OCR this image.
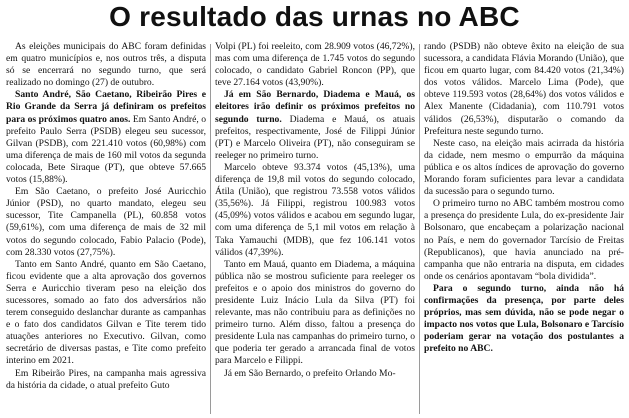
O resultado das urnas no ABC

As eleições municipais do ABC foram definidas em quatro municípios e, nos outros três, a disputa só se encerrará no segundo turno, que será realizado no domingo (27) de outubro.

Santo André, São Caetano, Ribeirão Pires e Rio Grande da Serra já definiram os prefeitos para os próximos quatro anos. Em Santo André, o prefeito Paulo Serra (PSDB) elegeu seu sucessor, Gilvan (PSDB), com 221.410 votos (60,98%) com uma diferença de mais de 160 mil votos da segunda colocada, Bete Siraque (PT), que obteve 57.665 votos (15,88%).

Em São Caetano, o prefeito José Auricchio Júnior (PSD), no quarto mandato, elegeu seu sucessor, Tite Campanella (PL), 60.858 votos (59,61%), com uma diferença de mais de 32 mil votos do segundo colocado, Fabio Palacio (Pode), com 28.330 votos (27,75%).

Tanto em Santo André, quanto em São Caetano, ficou evidente que a alta aprovação dos governos Serra e Auricchio tiveram peso na eleição dos sucessores, somado ao fato dos adversários não terem conseguido deslanchar durante as campanhas e o fato dos candidatos Gilvan e Tite terem tido atuações anteriores no Executivo. Gilvan, como secretário de diversas pastas, e Tite como prefeito interino em 2021.

Em Ribeirão Pires, na campanha mais agressiva da história da cidade, o atual prefeito Guto

Volpi (PL) foi reeleito, com 28.909 votos (46,72%), mas com uma diferença de 1.745 votos do segundo colocado, o candidato Gabriel Roncon (PP), que teve 27.164 votos (43,90%).

Já em São Bernardo, Diadema e Mauá, os eleitores irão definir os próximos prefeitos no segundo turno. Diadema e Mauá, os atuais prefeitos, respectivamente, José de Filippi Júnior (PT) e Marcelo Oliveira (PT), não conseguiram se reeleger no primeiro turno.

Marcelo obteve 93.374 votos (45,13%), uma diferença de 19,8 mil votos do segundo colocado, Átila (União), que registrou 73.558 votos válidos (35,56%). Já Filippi, registrou 100.983 votos (45,09%) votos válidos e acabou em segundo lugar, com uma diferença de 5,1 mil votos em relação à Taka Yamauchi (MDB), que fez 106.141 votos válidos (47,39%).

Tanto em Mauá, quanto em Diadema, a máquina pública não se mostrou suficiente para reeleger os prefeitos e o apoio dos ministros do governo do presidente Luiz Inácio Lula da Silva (PT) foi relevante, mas não contribuiu para as definições no primeiro turno. Além disso, faltou a presença do presidente Lula nas campanhas do primeiro turno, o que poderia ter gerado a arrancada final de votos para Marcelo e Filippi.

Já em São Bernardo, o prefeito Orlando Mo-

rando (PSDB) não obteve êxito na eleição de sua sucessora, a candidata Flávia Morando (União), que ficou em quarto lugar, com 84.420 votos (21,34%) dos votos válidos. Marcelo Lima (Pode), que obteve 119.593 votos (28,64%) dos votos válidos e Alex Manente (Cidadania), com 110.791 votos válidos (26,53%), disputarão o comando da Prefeitura neste segundo turno.

Neste caso, na eleição mais acirrada da história da cidade, nem mesmo o empurrão da máquina pública e os altos índices de aprovação do governo Morando foram suficientes para levar a candidata da sucessão para o segundo turno.

O primeiro turno no ABC também mostrou como a presença do presidente Lula, do ex-presidente Jair Bolsonaro, que encabeçam a polarização nacional no País, e nem do governador Tarcísio de Freitas (Republicanos), que havia anunciado na pré-campanha que não entraria na disputa, em cidades onde os cenários apontavam “bola dividida”.

Para o segundo turno, ainda não há confirmações da presença, por parte deles próprios, mas sem dúvida, não se pode negar o impacto nos votos que Lula, Bolsonaro e Tarcísio poderiam gerar na votação dos postulantes a prefeito no ABC.
